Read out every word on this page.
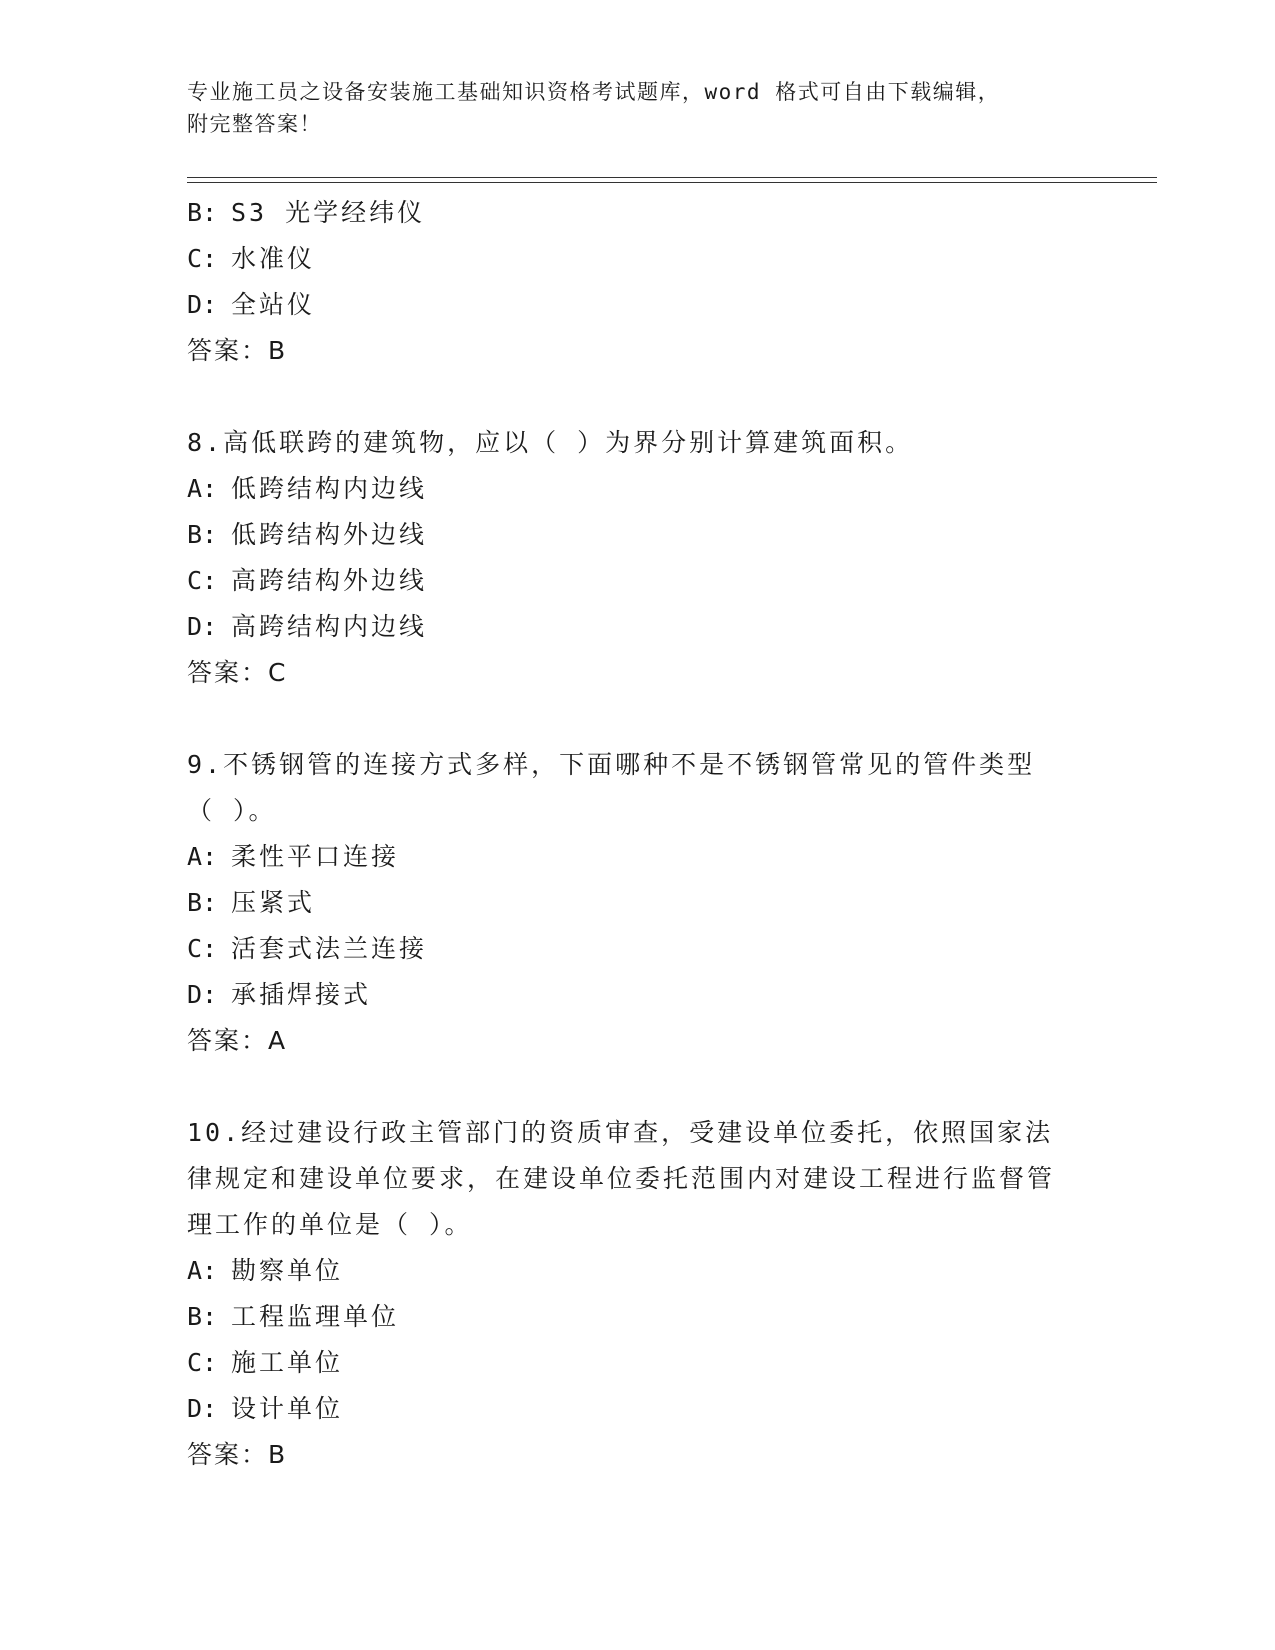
专业施工员之设备安装施工基础知识资格考试题库，word 格式可自由下载编辑，
附完整答案！
B: S3 光学经纬仪
C: 水准仪
D: 全站仪
答案：B
8.高低联跨的建筑物，应以（ ）为界分别计算建筑面积。
A: 低跨结构内边线
B: 低跨结构外边线
C: 高跨结构外边线
D: 高跨结构内边线
答案：C
9.不锈钢管的连接方式多样，下面哪种不是不锈钢管常见的管件类型（ ）。
A: 柔性平口连接
B: 压紧式
C: 活套式法兰连接
D: 承插焊接式
答案：A
10.经过建设行政主管部门的资质审查，受建设单位委托，依照国家法律规定和建设单位要求，在建设单位委托范围内对建设工程进行监督管理工作的单位是（ ）。
A: 勘察单位
B: 工程监理单位
C: 施工单位
D: 设计单位
答案：B
